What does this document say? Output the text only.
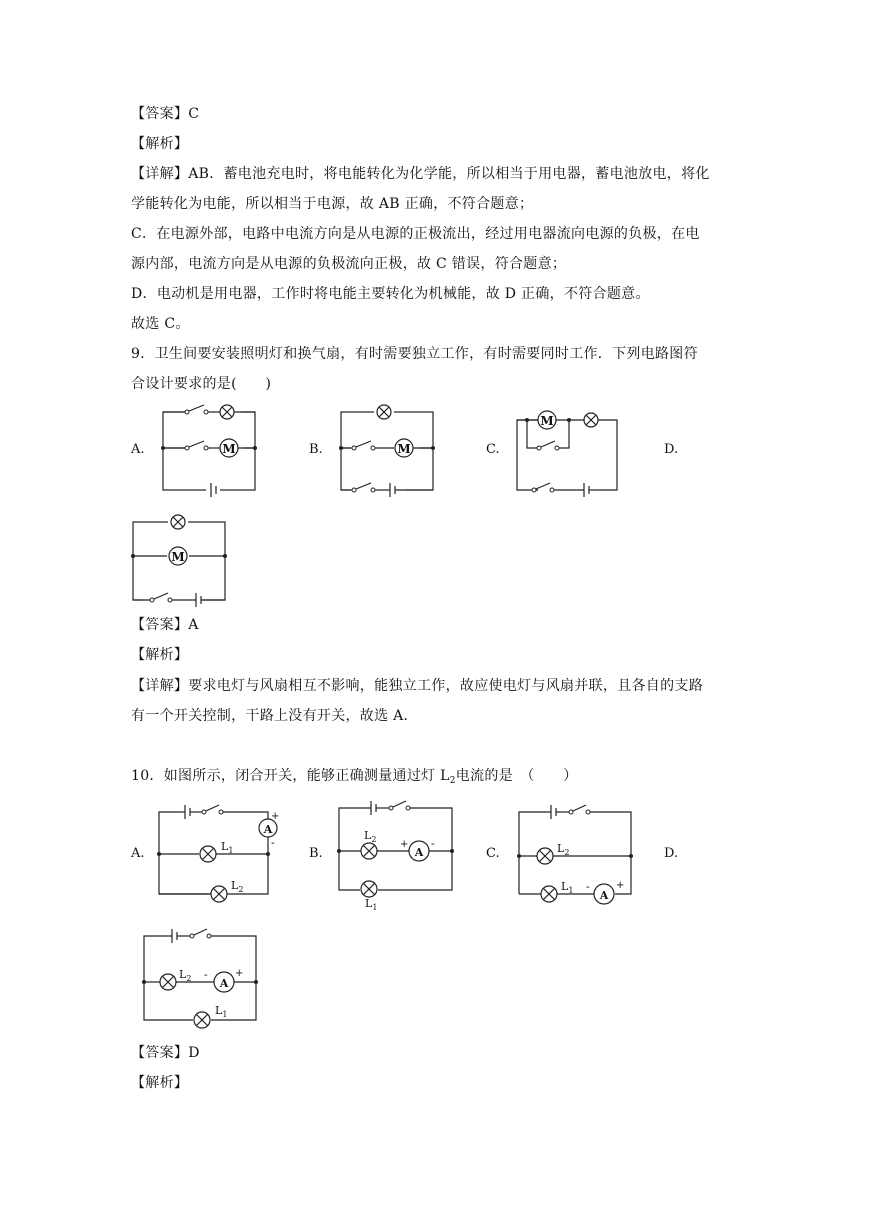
【答案】C
【解析】
【详解】AB．蓄电池充电时，将电能转化为化学能，所以相当于用电器，蓄电池放电，将化
学能转化为电能，所以相当于电源，故 AB 正确，不符合题意；
C．在电源外部，电路中电流方向是从电源的正极流出，经过用电器流向电源的负极，在电
源内部，电流方向是从电源的负极流向正极，故 C 错误，符合题意；
D．电动机是用电器，工作时将电能主要转化为机械能，故 D 正确，不符合题意。
故选 C。
9．卫生间要安装照明灯和换气扇，有时需要独立工作，有时需要同时工作．下列电路图符
合设计要求的是(　　)
A.	B.	C.	D.
M	M
M
M
【答案】A
【解析】
【详解】要求电灯与风扇相互不影响，能独立工作，故应使电灯与风扇并联，且各自的支路
有一个开关控制，干路上没有开关，故选 A．
10．如图所示，闭合开关，能够正确测量通过灯 $L_2$电流的是　（　　）
A.	B.	C.	D.
A
+
-
$L_1$
$L_2$
$L_2$ +
A
-
$L_1$
$L_2$
$L_1$ -
A
+
$L_2$ -
A
+
$L_1$
【答案】D
【解析】
